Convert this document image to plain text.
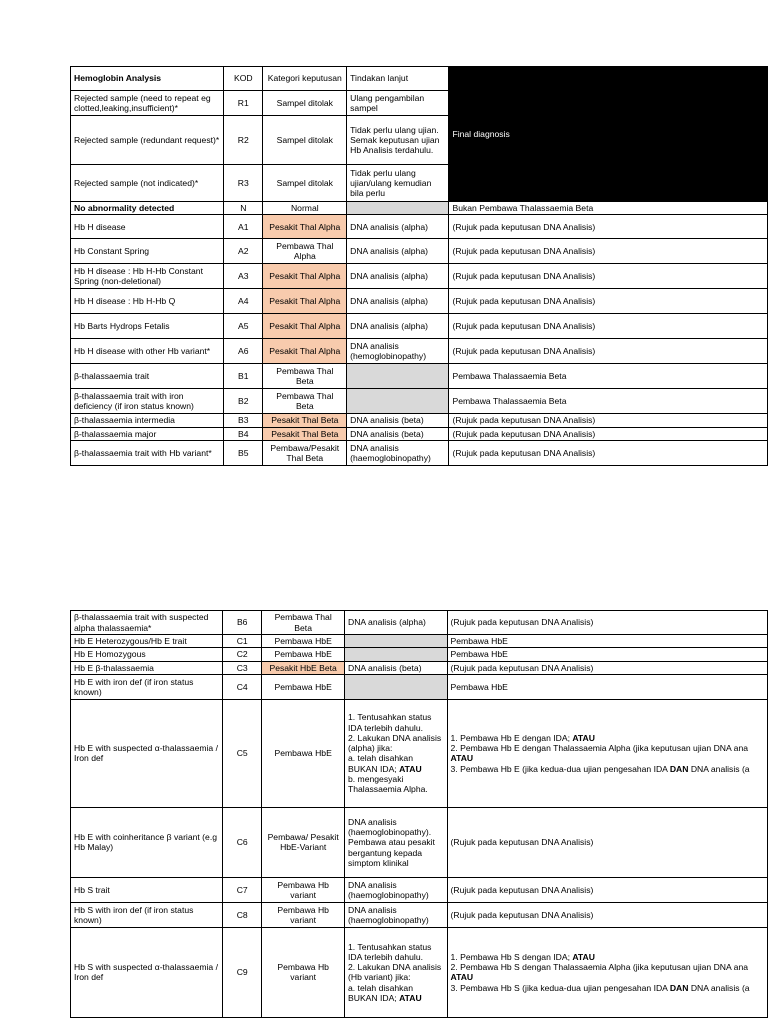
Hemoglobin Analysis	KOD	Kategori keputusan	Tindakan lanjut	Final diagnosis
Rejected sample (need to repeat eg clotted,leaking,insufficient)*	R1	Sampel ditolak	Ulang pengambilan sampel	
Rejected sample (redundant request)*	R2	Sampel ditolak	Tidak perlu ulang ujian. Semak keputusan ujian Hb Analisis terdahulu.	
Rejected sample (not indicated)*	R3	Sampel ditolak	Tidak perlu ulang ujian/ulang kemudian bila perlu	
No abnormality detected	N	Normal		Bukan Pembawa Thalassaemia Beta
Hb H disease	A1	Pesakit Thal Alpha	DNA analisis (alpha)	(Rujuk pada keputusan DNA Analisis)
Hb Constant Spring	A2	Pembawa Thal Alpha	DNA analisis (alpha)	(Rujuk pada keputusan DNA Analisis)
Hb H disease : Hb H-Hb Constant Spring (non-deletional)	A3	Pesakit Thal Alpha	DNA analisis (alpha)	(Rujuk pada keputusan DNA Analisis)
Hb H disease : Hb H-Hb Q	A4	Pesakit Thal Alpha	DNA analisis (alpha)	(Rujuk pada keputusan DNA Analisis)
Hb Barts Hydrops Fetalis	A5	Pesakit Thal Alpha	DNA analisis (alpha)	(Rujuk pada keputusan DNA Analisis)
Hb H disease with other Hb variant*	A6	Pesakit Thal Alpha	DNA analisis (hemoglobinopathy)	(Rujuk pada keputusan DNA Analisis)
β-thalassaemia trait	B1	Pembawa Thal Beta		Pembawa Thalassaemia Beta
β-thalassaemia trait with iron deficiency (if iron status known)	B2	Pembawa Thal Beta		Pembawa Thalassaemia Beta
β-thalassaemia intermedia	B3	Pesakit Thal Beta	DNA analisis (beta)	(Rujuk pada keputusan DNA Analisis)
β-thalassaemia major	B4	Pesakit Thal Beta	DNA analisis (beta)	(Rujuk pada keputusan DNA Analisis)
β-thalassaemia trait with Hb variant*	B5	Pembawa/Pesakit Thal Beta	DNA analisis (haemoglobinopathy)	(Rujuk pada keputusan DNA Analisis)
β-thalassaemia trait with suspected alpha thalassaemia*	B6	Pembawa Thal Beta	DNA analisis (alpha)	(Rujuk pada keputusan DNA Analisis)
Hb E Heterozygous/Hb E trait	C1	Pembawa HbE		Pembawa HbE
Hb E Homozygous	C2	Pembawa HbE		Pembawa HbE
Hb E β-thalassaemia	C3	Pesakit HbE Beta	DNA analisis (beta)	(Rujuk pada keputusan DNA Analisis)
Hb E with iron def (if iron status known)	C4	Pembawa HbE		Pembawa HbE
Hb E with suspected α-thalassaemia / Iron def	C5	Pembawa HbE	1. Tentusahkan status IDA terlebih dahulu.
2. Lakukan DNA analisis (alpha) jika:
a. telah disahkan BUKAN IDA; ATAU
b. mengesyaki Thalassaemia Alpha.	1. Pembawa Hb E dengan IDA; ATAU
2. Pembawa Hb E dengan Thalassaemia Alpha (jika keputusan ujian DNA ana
ATAU
3. Pembawa Hb E (jika kedua-dua ujian pengesahan IDA DAN DNA analisis (a
Hb E with coinheritance β variant (e.g Hb Malay)	C6	Pembawa/ Pesakit HbE-Variant	DNA analisis (haemoglobinopathy). Pembawa atau pesakit bergantung kepada simptom klinikal	(Rujuk pada keputusan DNA Analisis)
Hb S trait	C7	Pembawa Hb variant	DNA analisis (haemoglobinopathy)	(Rujuk pada keputusan DNA Analisis)
Hb S with iron def (if iron status known)	C8	Pembawa Hb variant	DNA analisis (haemoglobinopathy)	(Rujuk pada keputusan DNA Analisis)
Hb S with suspected α-thalassaemia / Iron def	C9	Pembawa Hb variant	1. Tentusahkan status IDA terlebih dahulu.
2. Lakukan DNA analisis (Hb variant) jika:
a. telah disahkan BUKAN IDA; ATAU	1. Pembawa Hb S dengan IDA; ATAU
2. Pembawa Hb S dengan Thalassaemia Alpha (jika keputusan ujian DNA ana
ATAU
3. Pembawa Hb S (jika kedua-dua ujian pengesahan IDA DAN DNA analisis (a
